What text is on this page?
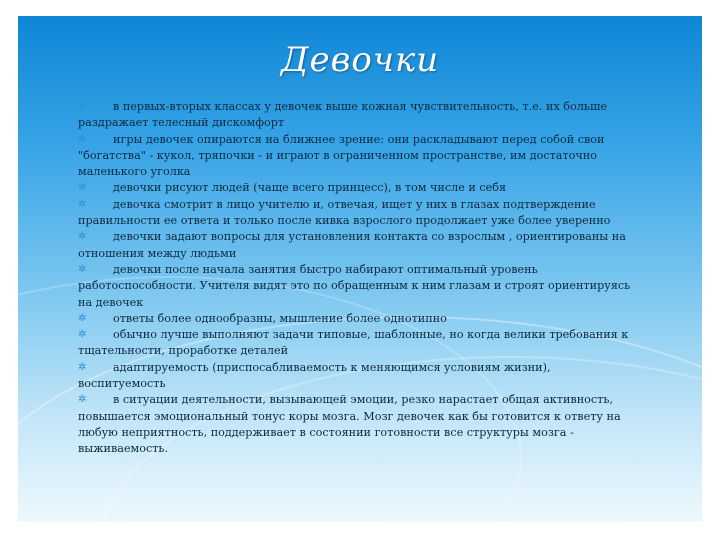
Девочки
✲	в первых-вторых классах у девочек выше кожная чувствительность, т.е. их больше раздражает телесный дискомфорт
✲	игры девочек опираются на ближнее зрение: они раскладывают перед собой свои "богатства" - кукол, тряпочки - и играют в ограниченном пространстве, им достаточно маленького уголка
✲	девочки рисуют людей (чаще всего принцесс), в том числе и себя
✲	девочка смотрит в лицо учителю и, отвечая, ищет у них в глазах подтверждение правильности ее ответа и только после кивка взрослого продолжает уже более уверенно
✲	девочки задают вопросы для установления контакта со взрослым , ориентированы на отношения между людьми
✲	девочки после начала занятия быстро набирают оптимальный уровень работоспособности. Учителя видят это по обращенным к ним глазам и строят ориентируясь на девочек
✲	ответы более однообразны, мышление более однотипно
✲	обычно лучше выполняют задачи типовые, шаблонные, но когда велики требования к тщательности, проработке деталей
✲	адаптируемость (приспосабливаемость к меняющимся условиям жизни), воспитуемость
✲	в ситуации деятельности, вызывающей эмоции, резко нарастает общая активность, повышается эмоциональный тонус коры мозга. Мозг девочек как бы готовится к ответу на любую неприятность, поддерживает в состоянии готовности все структуры мозга - выживаемость.
